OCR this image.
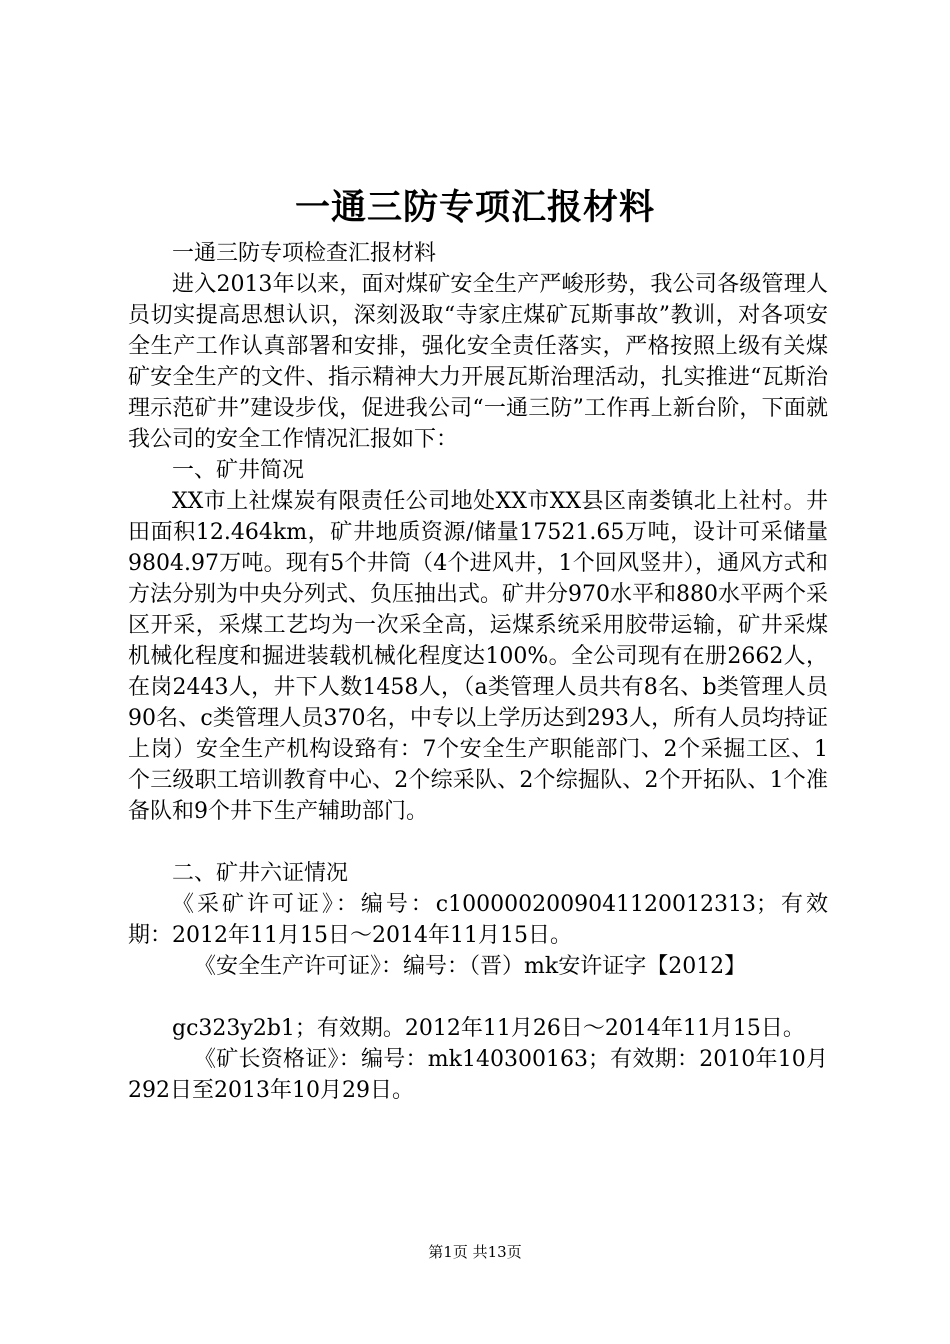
一通三防专项汇报材料

一通三防专项检查汇报材料

进入2013年以来，面对煤矿安全生产严峻形势，我公司各级管理人员切实提高思想认识，深刻汲取“寺家庄煤矿瓦斯事故”教训，对各项安全生产工作认真部署和安排，强化安全责任落实，严格按照上级有关煤矿安全生产的文件、指示精神大力开展瓦斯治理活动，扎实推进“瓦斯治理示范矿井”建设步伐，促进我公司“一通三防”工作再上新台阶，下面就我公司的安全工作情况汇报如下：

一、矿井简况

XX市上社煤炭有限责任公司地处XX市XX县区南娄镇北上社村。井田面积12.464km，矿井地质资源/储量17521.65万吨，设计可采储量9804.97万吨。现有5个井筒（4个进风井，1个回风竖井），通风方式和方法分别为中央分列式、负压抽出式。矿井分970水平和880水平两个采区开采，采煤工艺均为一次采全高，运煤系统采用胶带运输，矿井采煤机械化程度和掘进装载机械化程度达100%。全公司现有在册2662人，在岗2443人，井下人数1458人，（a类管理人员共有8名、b类管理人员90名、c类管理人员370名，中专以上学历达到293人，所有人员均持证上岗）安全生产机构设臵有：7个安全生产职能部门、2个采掘工区、1个三级职工培训教育中心、2个综采队、2个综掘队、2个开拓队、1个准备队和9个井下生产辅助部门。

二、矿井六证情况

《采矿许可证》：编号：c1000002009041120012313；有效期：2012年11月15日～2014年11月15日。

《安全生产许可证》：编号：（晋）mk安许证字【2012】

gc323y2b1；有效期。2012年11月26日～2014年11月15日。

《矿长资格证》：编号：mk140300163；有效期：2010年10月292日至2013年10月29日。

第1页 共13页
